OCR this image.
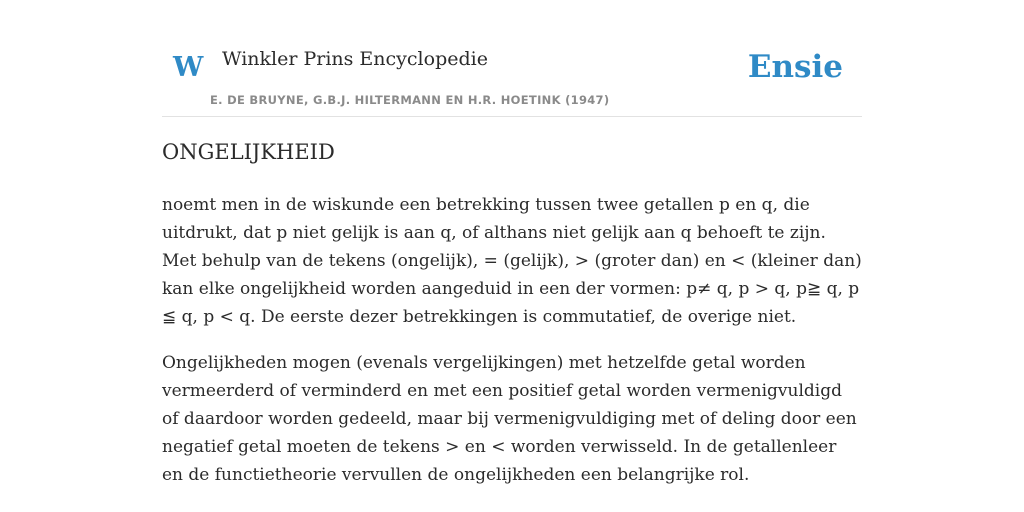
W Winkler Prins Encyclopedie
E. DE BRUYNE, G.B.J. HILTERMANN EN H.R. HOETINK (1947)
Ensie
ONGELIJKHEID

noemt men in de wiskunde een betrekking tussen twee getallen p en q, die uitdrukt, dat p niet gelijk is aan q, of althans niet gelijk aan q behoeft te zijn. Met behulp van de tekens (ongelijk), = (gelijk), > (groter dan) en < (kleiner dan) kan elke ongelijkheid worden aangeduid in een der vormen: p≠ q, p > q, p≧ q, p ≦ q, p < q. De eerste dezer betrekkingen is commutatief, de overige niet.

Ongelijkheden mogen (evenals vergelijkingen) met hetzelfde getal worden vermeerderd of verminderd en met een positief getal worden vermenigvuldigd of daardoor worden gedeeld, maar bij vermenigvuldiging met of deling door een negatief getal moeten de tekens > en < worden verwisseld. In de getallenleer en de functietheorie vervullen de ongelijkheden een belangrijke rol.
